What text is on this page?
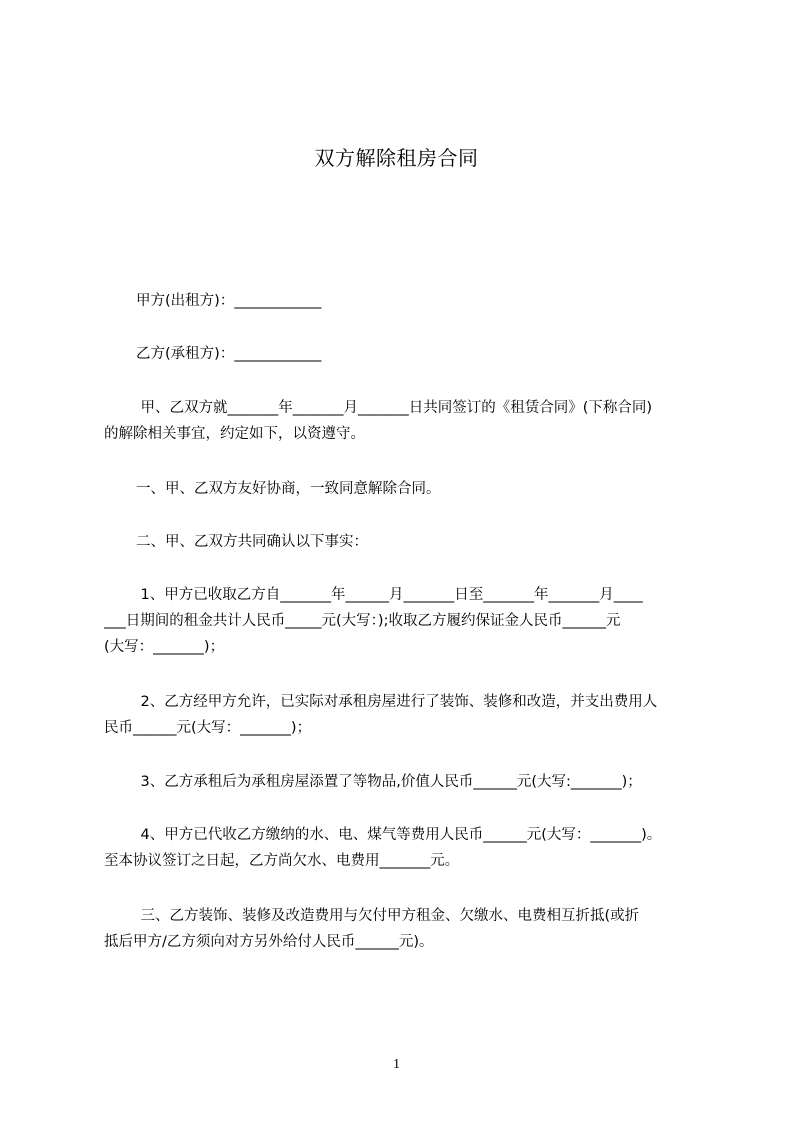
双方解除租房合同
甲方(出租方)：____________
乙方(承租方)：____________
　甲、乙双方就_______年_______月_______日共同签订的《租赁合同》(下称合同)
的解除相关事宜，约定如下，以资遵守。
一、甲、乙双方友好协商，一致同意解除合同。
二、甲、乙双方共同确认以下事实：
　1、甲方已收取乙方自_______年______月_______日至_______年_______月____
___日期间的租金共计人民币_____元(大写：);收取乙方履约保证金人民币______元
(大写：_______)；
　2、乙方经甲方允许，已实际对承租房屋进行了装饰、装修和改造，并支出费用人
民币______元(大写：_______)；
　3、乙方承租后为承租房屋添置了等物品,价值人民币______元(大写:_______)；
　4、甲方已代收乙方缴纳的水、电、煤气等费用人民币______元(大写：_______)。
至本协议签订之日起，乙方尚欠水、电费用_______元。
　三、乙方装饰、装修及改造费用与欠付甲方租金、欠缴水、电费相互折抵(或折
抵后甲方/乙方须向对方另外给付人民币______元)。
1
